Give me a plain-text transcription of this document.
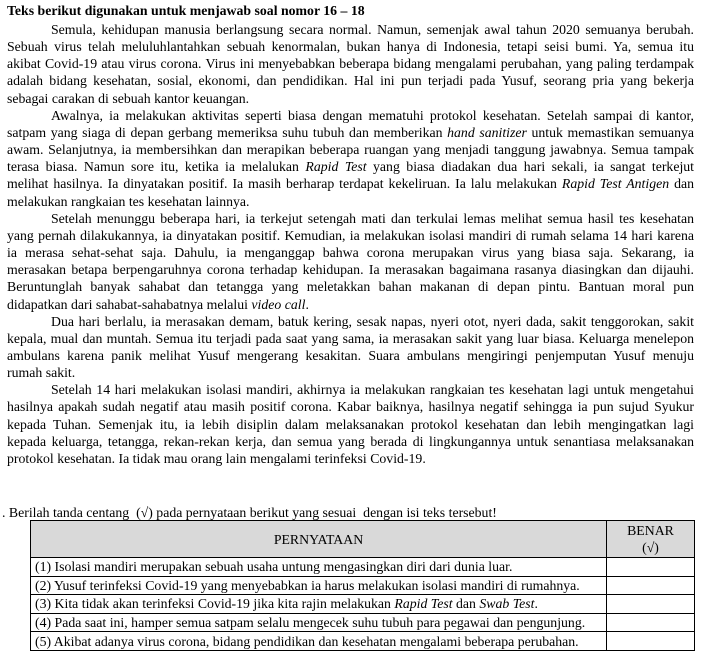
Teks berikut digunakan untuk menjawab soal nomor 16 – 18
Semula, kehidupan manusia berlangsung secara normal. Namun, semenjak awal tahun 2020 semuanya berubah.
Sebuah virus telah meluluhlantahkan sebuah kenormalan, bukan hanya di Indonesia, tetapi seisi bumi. Ya, semua itu
akibat Covid-19 atau virus corona. Virus ini menyebabkan beberapa bidang mengalami perubahan, yang paling terdampak
adalah bidang kesehatan, sosial, ekonomi, dan pendidikan. Hal ini pun terjadi pada Yusuf, seorang pria yang bekerja
sebagai carakan di sebuah kantor keuangan.
Awalnya, ia melakukan aktivitas seperti biasa dengan mematuhi protokol kesehatan. Setelah sampai di kantor,
satpam yang siaga di depan gerbang memeriksa suhu tubuh dan memberikan hand sanitizer untuk memastikan semuanya
awam. Selanjutnya, ia membersihkan dan merapikan beberapa ruangan yang menjadi tanggung jawabnya. Semua tampak
terasa biasa. Namun sore itu, ketika ia melalukan Rapid Test yang biasa diadakan dua hari sekali, ia sangat terkejut
melihat hasilnya. Ia dinyatakan positif. Ia masih berharap terdapat kekeliruan. Ia lalu melakukan Rapid Test Antigen dan
melakukan rangkaian tes kesehatan lainnya.
Setelah menunggu beberapa hari, ia terkejut setengah mati dan terkulai lemas melihat semua hasil tes kesehatan
yang pernah dilakukannya, ia dinyatakan positif. Kemudian, ia melakukan isolasi mandiri di rumah selama 14 hari karena
ia merasa sehat-sehat saja. Dahulu, ia menganggap bahwa corona merupakan virus yang biasa saja. Sekarang, ia
merasakan betapa berpengaruhnya corona terhadap kehidupan. Ia merasakan bagaimana rasanya diasingkan dan dijauhi.
Beruntunglah banyak sahabat dan tetangga yang meletakkan bahan makanan di depan pintu. Bantuan moral pun
didapatkan dari sahabat-sahabatnya melalui video call.
Dua hari berlalu, ia merasakan demam, batuk kering, sesak napas, nyeri otot, nyeri dada, sakit tenggorokan, sakit
kepala, mual dan muntah. Semua itu terjadi pada saat yang sama, ia merasakan sakit yang luar biasa. Keluarga menelepon
ambulans karena panik melihat Yusuf mengerang kesakitan. Suara ambulans mengiringi penjemputan Yusuf menuju
rumah sakit.
Setelah 14 hari melakukan isolasi mandiri, akhirnya ia melakukan rangkaian tes kesehatan lagi untuk mengetahui
hasilnya apakah sudah negatif atau masih positif corona. Kabar baiknya, hasilnya negatif sehingga ia pun sujud Syukur
kepada Tuhan. Semenjak itu, ia lebih disiplin dalam melaksanakan protokol kesehatan dan lebih mengingatkan lagi
kepada keluarga, tetangga, rekan-rekan kerja, dan semua yang berada di lingkungannya untuk senantiasa melaksanakan
protokol kesehatan. Ia tidak mau orang lain mengalami terinfeksi Covid-19.
. Berilah tanda centang  (√) pada pernyataan berikut yang sesuai  dengan isi teks tersebut!
PERNYATAAN	BENAR
(√)

(1) Isolasi mandiri merupakan sebuah usaha untung mengasingkan diri dari dunia luar.	
(2) Yusuf terinfeksi Covid-19 yang menyebabkan ia harus melakukan isolasi mandiri di rumahnya.	
(3) Kita tidak akan terinfeksi Covid-19 jika kita rajin melakukan Rapid Test dan Swab Test.	
(4) Pada saat ini, hamper semua satpam selalu mengecek suhu tubuh para pegawai dan pengunjung.	
(5) Akibat adanya virus corona, bidang pendidikan dan kesehatan mengalami beberapa perubahan.	
